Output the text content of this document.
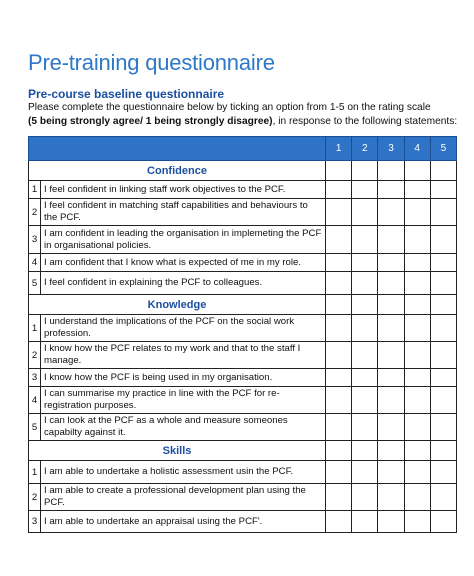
Pre-training questionnaire
Pre-course baseline questionnaire
Please complete the questionnaire below by ticking an option from 1-5 on the rating scale
(5 being strongly agree/ 1 being strongly disagree), in response to the following statements:
		1	2	3	4	5
Confidence						
1	I feel confident in linking staff work objectives to the PCF.					
2	I feel confident in matching staff capabilities and behaviours to the PCF.					
3	I am confident in leading the organisation in implemeting the PCF in organisational policies.					
4	I am confident that I know what is expected of me in my role.					
5	I feel confident in explaining the PCF to colleagues.					
Knowledge						
1	I understand the implications of the PCF on the social work profession.					
2	I know how the PCF relates to my work and that to the staff I manage.					
3	I know how the PCF is being used in my organisation.					
4	I can summarise my practice in line with the PCF for re-registration purposes.					
5	I can look at the PCF as a whole and measure someones capabilty against it.					
Skills						
1	I am able to undertake a holistic assessment usin the PCF.					
2	I am able to create a professional development plan using the PCF.					
3	I am able to undertake an appraisal using the PCF'.					
